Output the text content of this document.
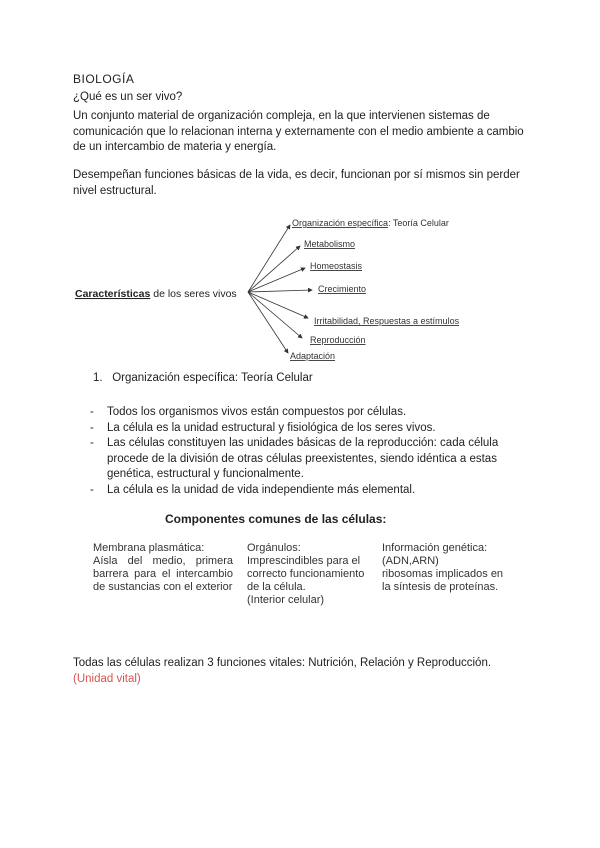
BIOLOGÍA
¿Qué es un ser vivo?
Un conjunto material de organización compleja, en la que intervienen sistemas de comunicación que lo relacionan interna y externamente con el medio ambiente a cambio de un intercambio de materia y energía.
Desempeñan funciones básicas de la vida, es decir, funcionan por sí mismos sin perder nivel estructural.
Características de los seres vivos
Organización específica: Teoría Celular
Metabolismo
Homeostasis
Crecimiento
Irritabilidad, Respuestas a estímulos
Reproducción
Adaptación
1. Organización específica: Teoría Celular
- Todos los organismos vivos están compuestos por células.
- La célula es la unidad estructural y fisiológica de los seres vivos.
- Las células constituyen las unidades básicas de la reproducción: cada célula procede de la división de otras células preexistentes, siendo idéntica a estas genética, estructural y funcionalmente.
- La célula es la unidad de vida independiente más elemental.
Componentes comunes de las células:
Membrana plasmática:
Aísla del medio, primera barrera para el intercambio de sustancias con el exterior
Orgánulos:
Imprescindibles para el correcto funcionamiento de la célula.
(Interior celular)
Información genética:
(ADN,ARN)
ribosomas implicados en la síntesis de proteínas.
Todas las células realizan 3 funciones vitales: Nutrición, Relación y Reproducción.
(Unidad vital)
